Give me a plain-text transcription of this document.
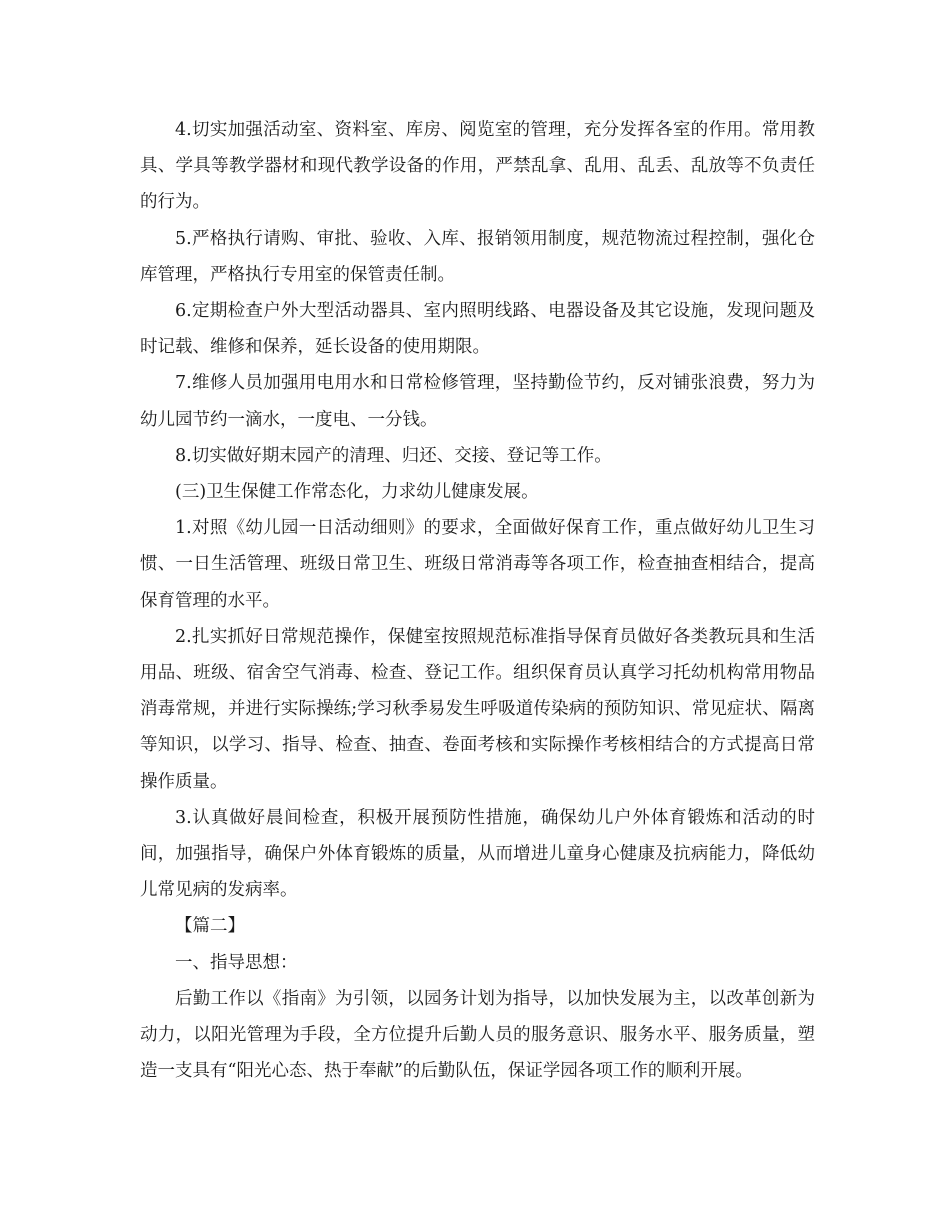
4.切实加强活动室、资料室、库房、阅览室的管理，充分发挥各室的作用。常用教具、学具等教学器材和现代教学设备的作用，严禁乱拿、乱用、乱丢、乱放等不负责任的行为。

5.严格执行请购、审批、验收、入库、报销领用制度，规范物流过程控制，强化仓库管理，严格执行专用室的保管责任制。

6.定期检查户外大型活动器具、室内照明线路、电器设备及其它设施，发现问题及时记载、维修和保养，延长设备的使用期限。

7.维修人员加强用电用水和日常检修管理，坚持勤俭节约，反对铺张浪费，努力为幼儿园节约一滴水，一度电、一分钱。

8.切实做好期末园产的清理、归还、交接、登记等工作。

(三)卫生保健工作常态化，力求幼儿健康发展。

1.对照《幼儿园一日活动细则》的要求，全面做好保育工作，重点做好幼儿卫生习惯、一日生活管理、班级日常卫生、班级日常消毒等各项工作，检查抽查相结合，提高保育管理的水平。

2.扎实抓好日常规范操作，保健室按照规范标准指导保育员做好各类教玩具和生活用品、班级、宿舍空气消毒、检查、登记工作。组织保育员认真学习托幼机构常用物品消毒常规，并进行实际操练;学习秋季易发生呼吸道传染病的预防知识、常见症状、隔离等知识，以学习、指导、检查、抽查、卷面考核和实际操作考核相结合的方式提高日常操作质量。

3.认真做好晨间检查，积极开展预防性措施，确保幼儿户外体育锻炼和活动的时间，加强指导，确保户外体育锻炼的质量，从而增进儿童身心健康及抗病能力，降低幼儿常见病的发病率。

【篇二】

一、指导思想：

后勤工作以《指南》为引领，以园务计划为指导，以加快发展为主，以改革创新为动力，以阳光管理为手段，全方位提升后勤人员的服务意识、服务水平、服务质量，塑造一支具有“阳光心态、热于奉献”的后勤队伍，保证学园各项工作的顺利开展。
